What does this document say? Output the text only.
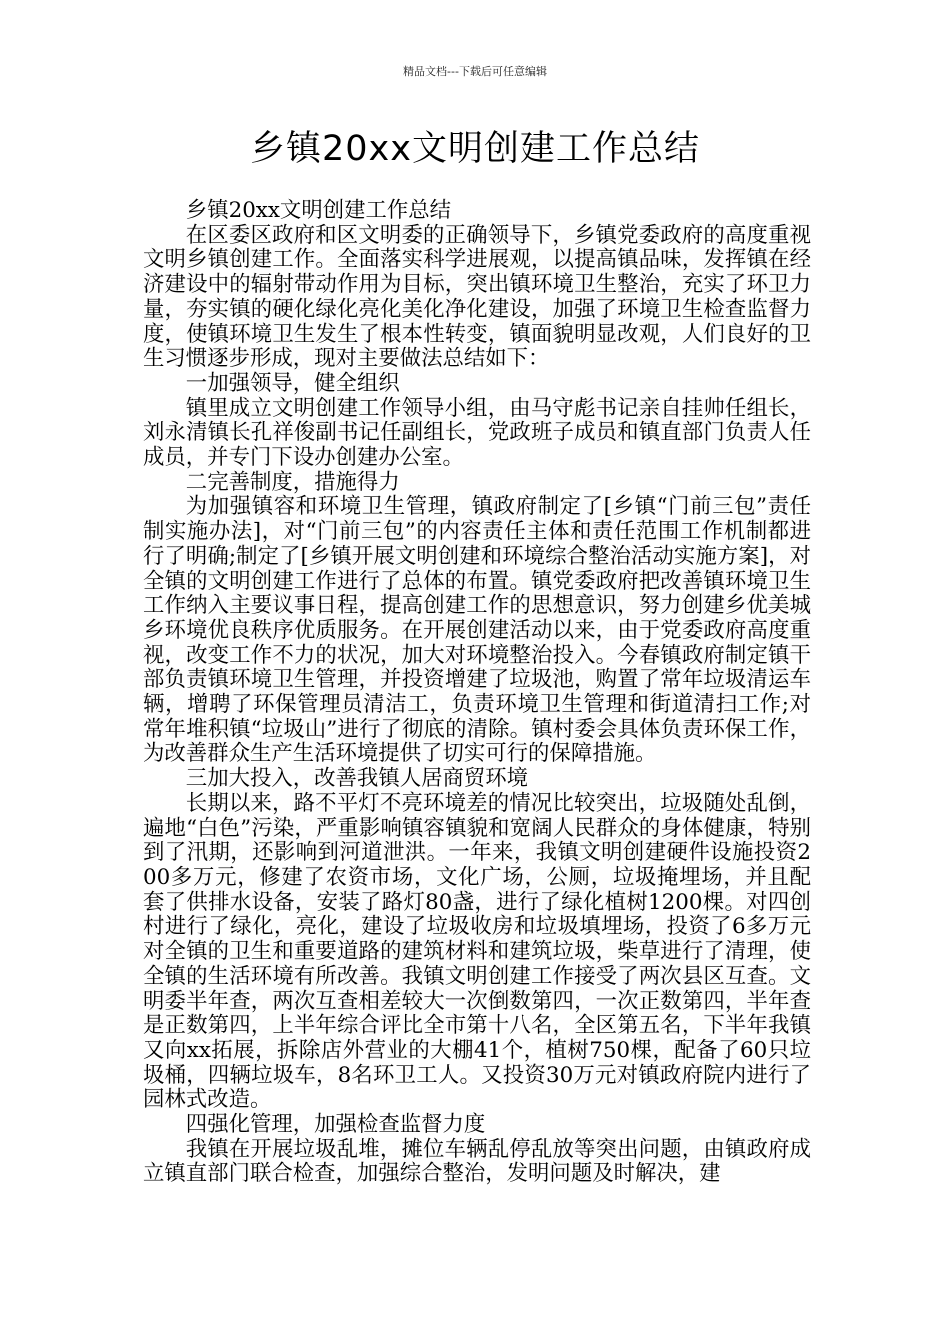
精品文档---下载后可任意编辑
乡镇20xx文明创建工作总结

乡镇20xx文明创建工作总结

在区委区政府和区文明委的正确领导下，乡镇党委政府的高度重视文明乡镇创建工作。全面落实科学进展观，以提高镇品味，发挥镇在经济建设中的辐射带动作用为目标，突出镇环境卫生整治，充实了环卫力量，夯实镇的硬化绿化亮化美化净化建设，加强了环境卫生检查监督力度，使镇环境卫生发生了根本性转变，镇面貌明显改观，人们良好的卫生习惯逐步形成，现对主要做法总结如下：

一加强领导，健全组织

镇里成立文明创建工作领导小组，由马守彪书记亲自挂帅任组长，刘永清镇长孔祥俊副书记任副组长，党政班子成员和镇直部门负责人任成员，并专门下设办创建办公室。

二完善制度，措施得力

为加强镇容和环境卫生管理，镇政府制定了[乡镇“门前三包”责任制实施办法]，对“门前三包”的内容责任主体和责任范围工作机制都进行了明确;制定了[乡镇开展文明创建和环境综合整治活动实施方案]，对全镇的文明创建工作进行了总体的布置。镇党委政府把改善镇环境卫生工作纳入主要议事日程，提高创建工作的思想意识，努力创建乡优美城乡环境优良秩序优质服务。在开展创建活动以来，由于党委政府高度重视，改变工作不力的状况，加大对环境整治投入。今春镇政府制定镇干部负责镇环境卫生管理，并投资增建了垃圾池，购置了常年垃圾清运车辆，增聘了环保管理员清洁工，负责环境卫生管理和街道清扫工作;对常年堆积镇“垃圾山”进行了彻底的清除。镇村委会具体负责环保工作，为改善群众生产生活环境提供了切实可行的保障措施。

三加大投入，改善我镇人居商贸环境

长期以来，路不平灯不亮环境差的情况比较突出，垃圾随处乱倒，遍地“白色”污染，严重影响镇容镇貌和宽阔人民群众的身体健康，特别到了汛期，还影响到河道泄洪。一年来，我镇文明创建硬件设施投资200多万元，修建了农资市场，文化广场，公厕，垃圾掩埋场，并且配套了供排水设备，安装了路灯80盏，进行了绿化植树1200棵。对四创村进行了绿化，亮化，建设了垃圾收房和垃圾填埋场，投资了6多万元对全镇的卫生和重要道路的建筑材料和建筑垃圾，柴草进行了清理，使全镇的生活环境有所改善。我镇文明创建工作接受了两次县区互查。文明委半年查，两次互查相差较大一次倒数第四，一次正数第四，半年查是正数第四，上半年综合评比全市第十八名，全区第五名，下半年我镇又向xx拓展，拆除店外营业的大棚41个，植树750棵，配备了60只垃圾桶，四辆垃圾车，8名环卫工人。又投资30万元对镇政府院内进行了园林式改造。

四强化管理，加强检查监督力度

我镇在开展垃圾乱堆，摊位车辆乱停乱放等突出问题，由镇政府成立镇直部门联合检查，加强综合整治，发明问题及时解决，建
